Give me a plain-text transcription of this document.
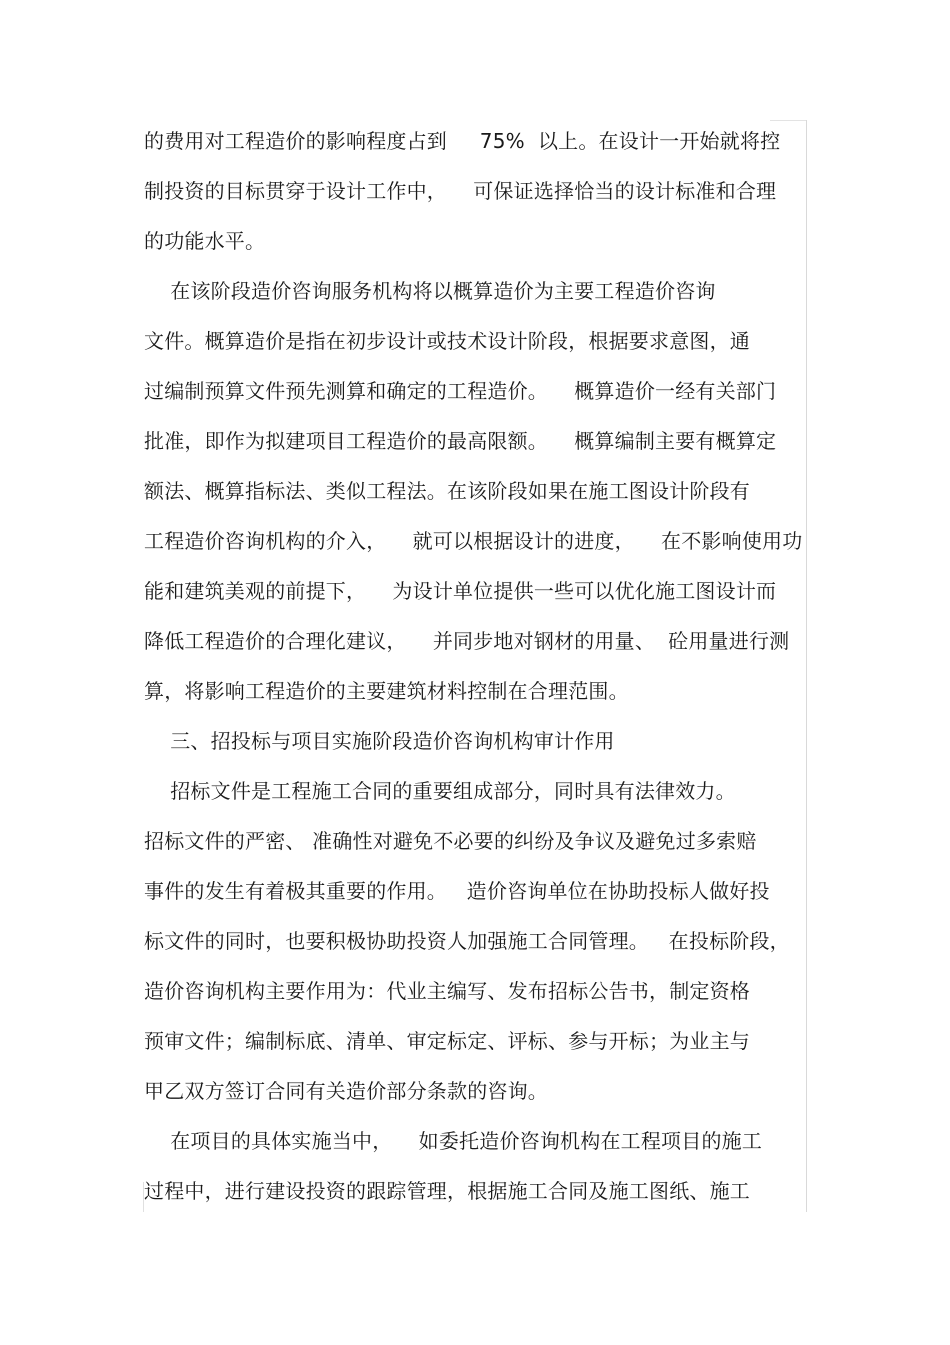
的费用对工程造价的影响程度占到     75%  以上。在设计一开始就将控
制投资的目标贯穿于设计工作中，    可保证选择恰当的设计标准和合理
的功能水平。
在该阶段造价咨询服务机构将以概算造价为主要工程造价咨询
文件。概算造价是指在初步设计或技术设计阶段，根据要求意图，通
过编制预算文件预先测算和确定的工程造价。    概算造价一经有关部门
批准，即作为拟建项目工程造价的最高限额。    概算编制主要有概算定
额法、概算指标法、类似工程法。在该阶段如果在施工图设计阶段有
工程造价咨询机构的介入，    就可以根据设计的进度，    在不影响使用功
能和建筑美观的前提下，    为设计单位提供一些可以优化施工图设计而
降低工程造价的合理化建议，    并同步地对钢材的用量、  砼用量进行测
算，将影响工程造价的主要建筑材料控制在合理范围。
三、招投标与项目实施阶段造价咨询机构审计作用
招标文件是工程施工合同的重要组成部分，同时具有法律效力。
招标文件的严密、 准确性对避免不必要的纠纷及争议及避免过多索赔
事件的发生有着极其重要的作用。   造价咨询单位在协助投标人做好投
标文件的同时，也要积极协助投资人加强施工合同管理。   在投标阶段，
造价咨询机构主要作用为：代业主编写、发布招标公告书，制定资格
预审文件；编制标底、清单、审定标定、评标、参与开标；为业主与
甲乙双方签订合同有关造价部分条款的咨询。
在项目的具体实施当中，    如委托造价咨询机构在工程项目的施工
过程中，进行建设投资的跟踪管理，根据施工合同及施工图纸、施工
